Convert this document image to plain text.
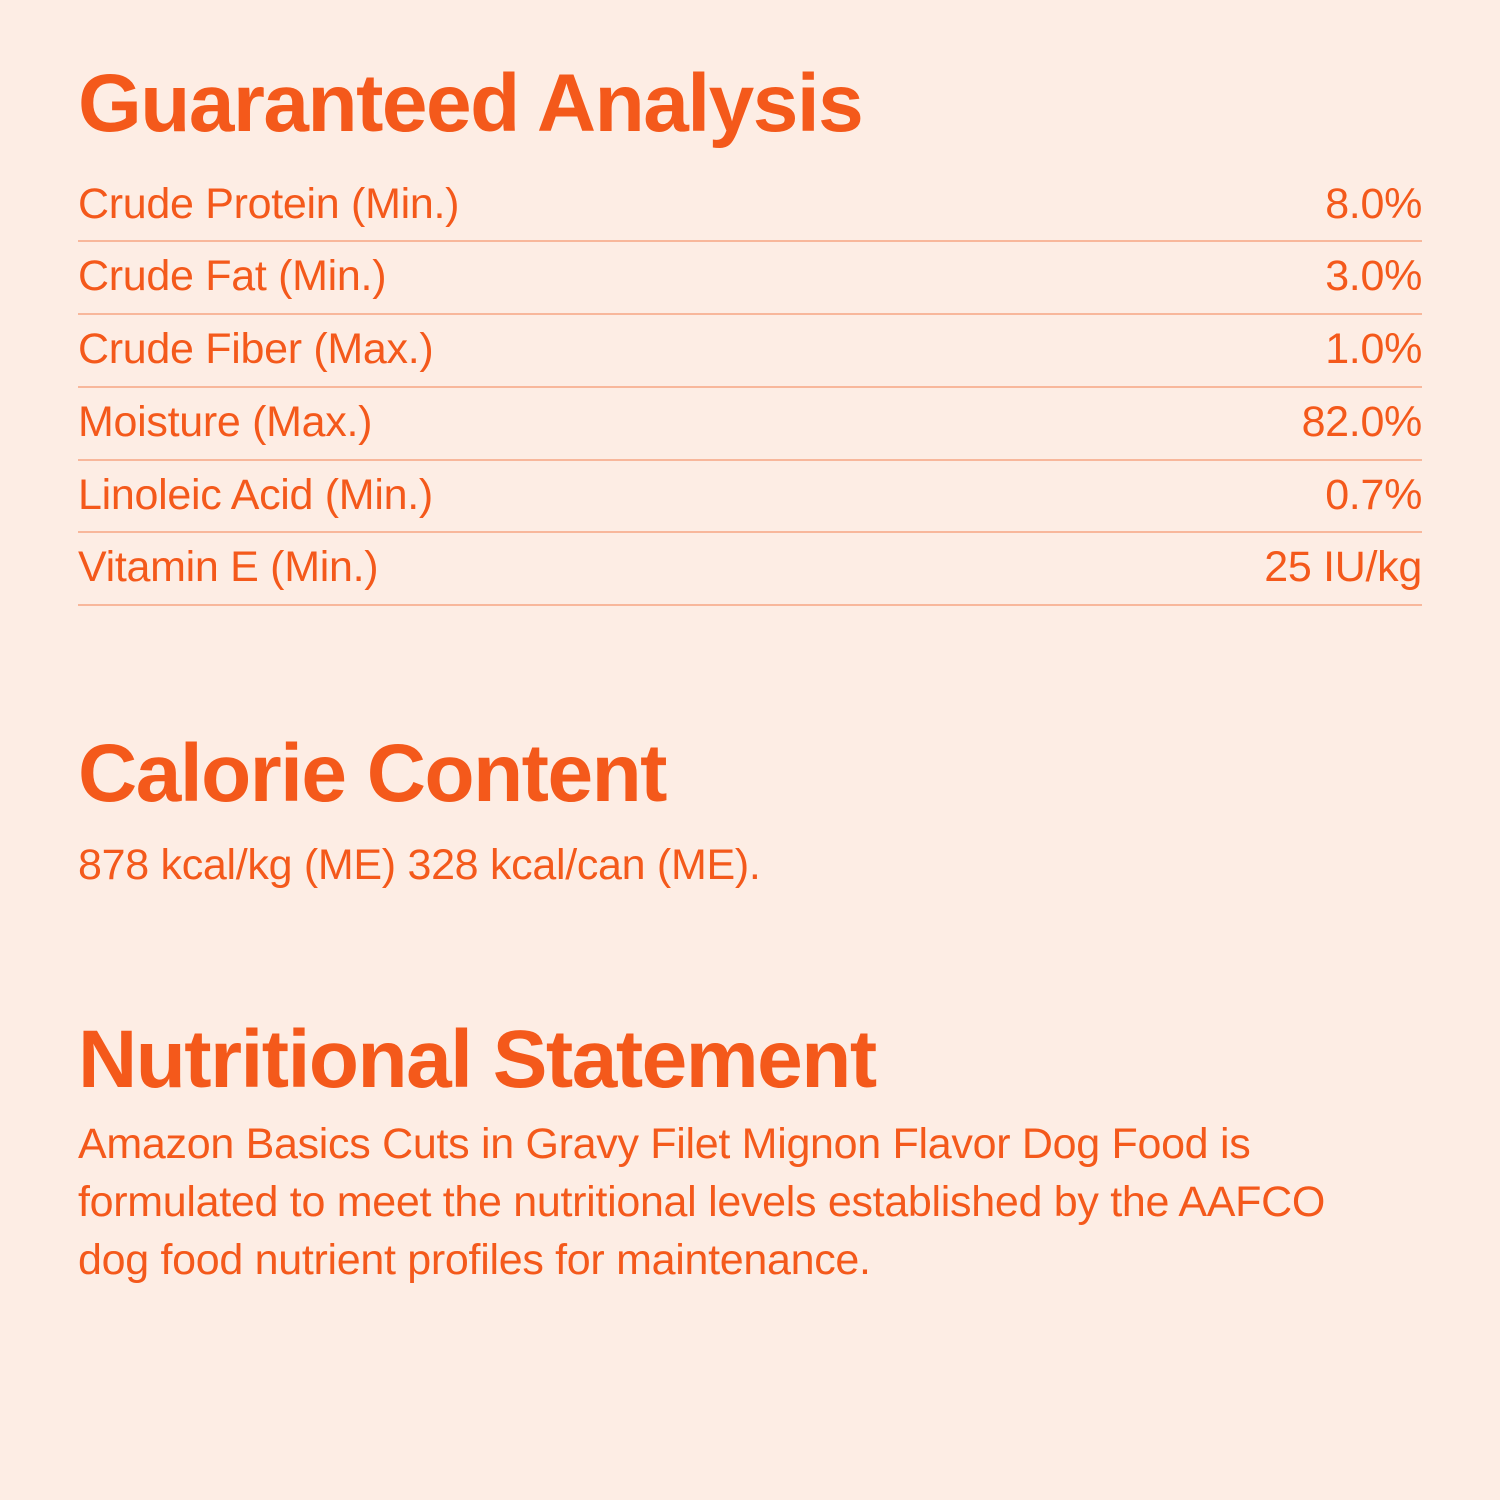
Guaranteed Analysis
Crude Protein (Min.)	8.0%
Crude Fat (Min.)	3.0%
Crude Fiber (Max.)	1.0%
Moisture (Max.)	82.0%
Linoleic Acid (Min.)	0.7%
Vitamin E (Min.)	25 IU/kg
Calorie Content

878 kcal/kg (ME) 328 kcal/can (ME).

Nutritional Statement

Amazon Basics Cuts in Gravy Filet Mignon Flavor Dog Food is formulated to meet the nutritional levels established by the AAFCO dog food nutrient profiles for maintenance.
